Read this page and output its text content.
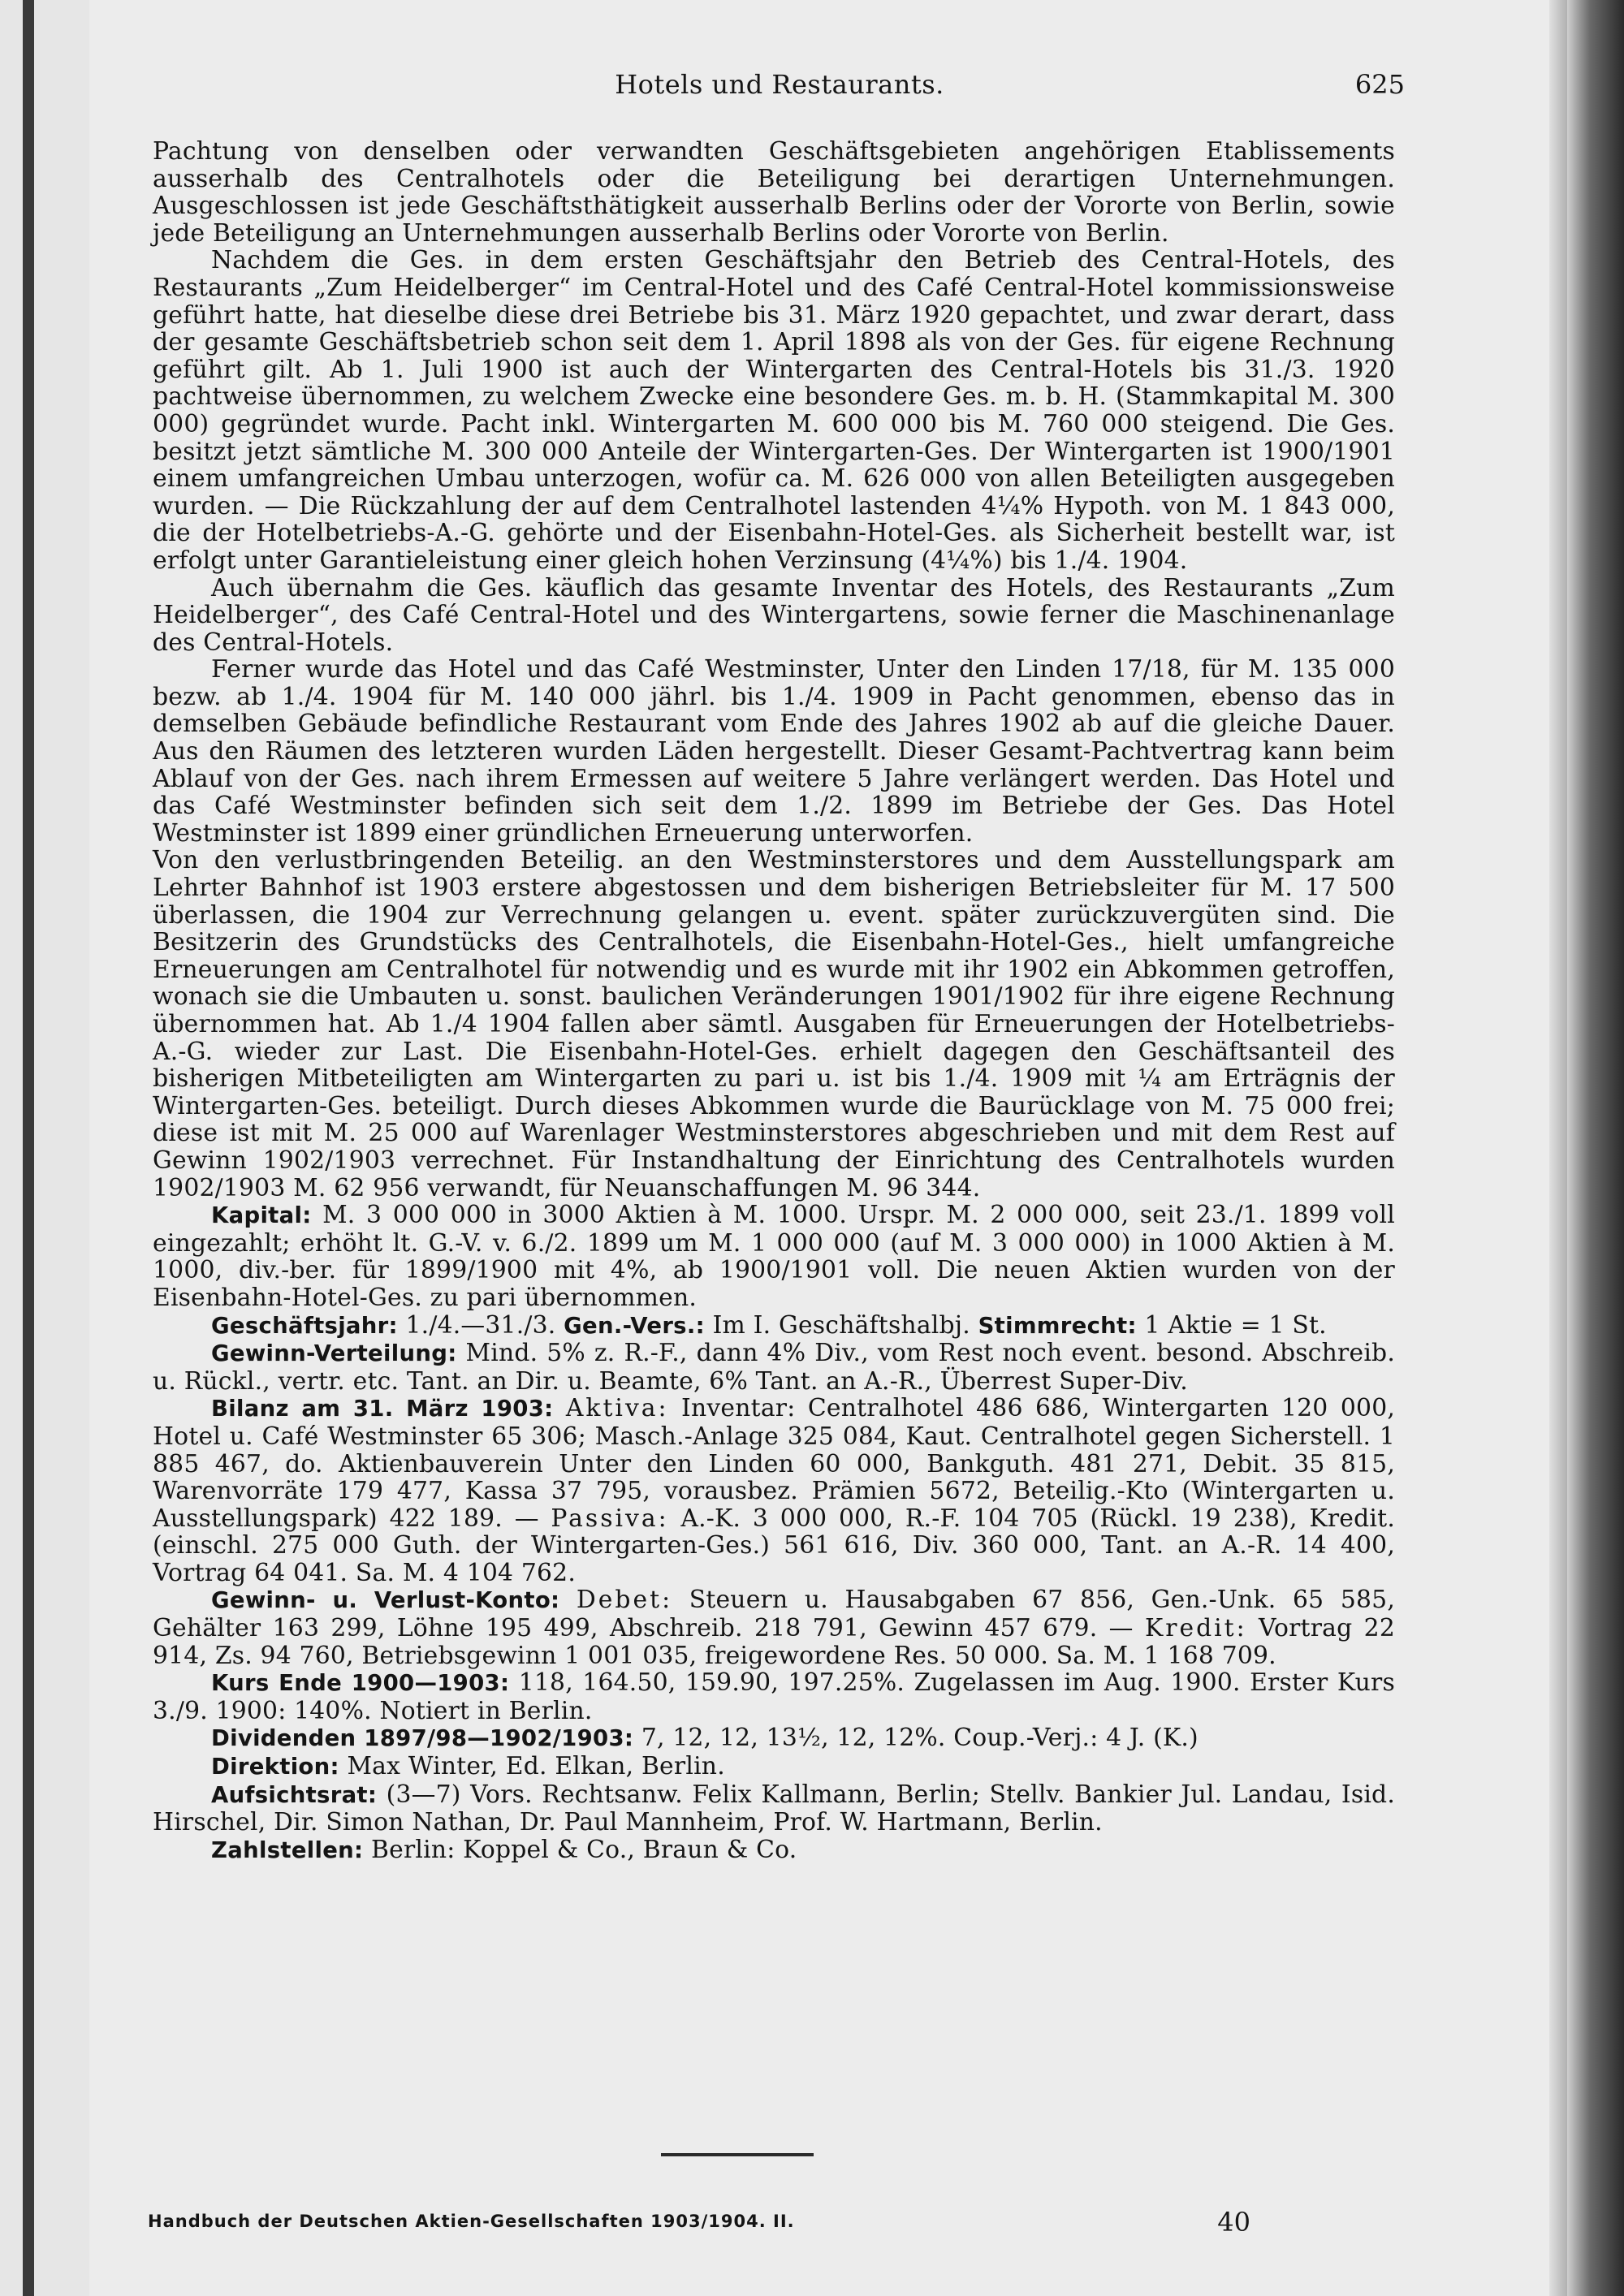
Hotels und Restaurants.	625

Pachtung von denselben oder verwandten Geschäftsgebieten angehörigen Etablissements ausserhalb des Centralhotels oder die Beteiligung bei derartigen Unternehmungen. Ausgeschlossen ist jede Geschäftsthätigkeit ausserhalb Berlins oder der Vororte von Berlin, sowie jede Beteiligung an Unternehmungen ausserhalb Berlins oder Vororte von Berlin.

Nachdem die Ges. in dem ersten Geschäftsjahr den Betrieb des Central-Hotels, des Restaurants „Zum Heidelberger“ im Central-Hotel und des Café Central-Hotel kommissionsweise geführt hatte, hat dieselbe diese drei Betriebe bis 31. März 1920 gepachtet, und zwar derart, dass der gesamte Geschäftsbetrieb schon seit dem 1. April 1898 als von der Ges. für eigene Rechnung geführt gilt. Ab 1. Juli 1900 ist auch der Wintergarten des Central-Hotels bis 31./3. 1920 pachtweise übernommen, zu welchem Zwecke eine besondere Ges. m. b. H. (Stammkapital M. 300 000) gegründet wurde. Pacht inkl. Wintergarten M. 600 000 bis M. 760 000 steigend. Die Ges. besitzt jetzt sämtliche M. 300 000 Anteile der Wintergarten-Ges. Der Wintergarten ist 1900/1901 einem umfangreichen Umbau unterzogen, wofür ca. M. 626 000 von allen Beteiligten ausgegeben wurden. — Die Rückzahlung der auf dem Centralhotel lastenden 4¼% Hypoth. von M. 1 843 000, die der Hotelbetriebs-A.-G. gehörte und der Eisenbahn-Hotel-Ges. als Sicherheit bestellt war, ist erfolgt unter Garantieleistung einer gleich hohen Verzinsung (4¼%) bis 1./4. 1904.

Auch übernahm die Ges. käuflich das gesamte Inventar des Hotels, des Restaurants „Zum Heidelberger“, des Café Central-Hotel und des Wintergartens, sowie ferner die Maschinenanlage des Central-Hotels.

Ferner wurde das Hotel und das Café Westminster, Unter den Linden 17/18, für M. 135 000 bezw. ab 1./4. 1904 für M. 140 000 jährl. bis 1./4. 1909 in Pacht genommen, ebenso das in demselben Gebäude befindliche Restaurant vom Ende des Jahres 1902 ab auf die gleiche Dauer. Aus den Räumen des letzteren wurden Läden hergestellt. Dieser Gesamt-Pachtvertrag kann beim Ablauf von der Ges. nach ihrem Ermessen auf weitere 5 Jahre verlängert werden. Das Hotel und das Café Westminster befinden sich seit dem 1./2. 1899 im Betriebe der Ges. Das Hotel Westminster ist 1899 einer gründlichen Erneuerung unterworfen.

Von den verlustbringenden Beteilig. an den Westminsterstores und dem Ausstellungspark am Lehrter Bahnhof ist 1903 erstere abgestossen und dem bisherigen Betriebsleiter für M. 17 500 überlassen, die 1904 zur Verrechnung gelangen u. event. später zurückzuvergüten sind. Die Besitzerin des Grundstücks des Centralhotels, die Eisenbahn-Hotel-Ges., hielt umfangreiche Erneuerungen am Centralhotel für notwendig und es wurde mit ihr 1902 ein Abkommen getroffen, wonach sie die Umbauten u. sonst. baulichen Veränderungen 1901/1902 für ihre eigene Rechnung übernommen hat. Ab 1./4 1904 fallen aber sämtl. Ausgaben für Erneuerungen der Hotelbetriebs-A.-G. wieder zur Last. Die Eisenbahn-Hotel-Ges. erhielt dagegen den Geschäftsanteil des bisherigen Mitbeteiligten am Wintergarten zu pari u. ist bis 1./4. 1909 mit ¼ am Erträgnis der Wintergarten-Ges. beteiligt. Durch dieses Abkommen wurde die Baurücklage von M. 75 000 frei; diese ist mit M. 25 000 auf Warenlager Westminsterstores abgeschrieben und mit dem Rest auf Gewinn 1902/1903 verrechnet. Für Instandhaltung der Einrichtung des Centralhotels wurden 1902/1903 M. 62 956 verwandt, für Neuanschaffungen M. 96 344.

Kapital: M. 3 000 000 in 3000 Aktien à M. 1000. Urspr. M. 2 000 000, seit 23./1. 1899 voll eingezahlt; erhöht lt. G.-V. v. 6./2. 1899 um M. 1 000 000 (auf M. 3 000 000) in 1000 Aktien à M. 1000, div.-ber. für 1899/1900 mit 4%, ab 1900/1901 voll. Die neuen Aktien wurden von der Eisenbahn-Hotel-Ges. zu pari übernommen.

Geschäftsjahr: 1./4.—31./3. Gen.-Vers.: Im I. Geschäftshalbj. Stimmrecht: 1 Aktie = 1 St.

Gewinn-Verteilung: Mind. 5% z. R.-F., dann 4% Div., vom Rest noch event. besond. Abschreib. u. Rückl., vertr. etc. Tant. an Dir. u. Beamte, 6% Tant. an A.-R., Überrest Super-Div.

Bilanz am 31. März 1903: Aktiva: Inventar: Centralhotel 486 686, Wintergarten 120 000, Hotel u. Café Westminster 65 306; Masch.-Anlage 325 084, Kaut. Centralhotel gegen Sicherstell. 1 885 467, do. Aktienbauverein Unter den Linden 60 000, Bankguth. 481 271, Debit. 35 815, Warenvorräte 179 477, Kassa 37 795, vorausbez. Prämien 5672, Beteilig.-Kto (Wintergarten u. Ausstellungspark) 422 189. — Passiva: A.-K. 3 000 000, R.-F. 104 705 (Rückl. 19 238), Kredit. (einschl. 275 000 Guth. der Wintergarten-Ges.) 561 616, Div. 360 000, Tant. an A.-R. 14 400, Vortrag 64 041. Sa. M. 4 104 762.

Gewinn- u. Verlust-Konto: Debet: Steuern u. Hausabgaben 67 856, Gen.-Unk. 65 585, Gehälter 163 299, Löhne 195 499, Abschreib. 218 791, Gewinn 457 679. — Kredit: Vortrag 22 914, Zs. 94 760, Betriebsgewinn 1 001 035, freigewordene Res. 50 000. Sa. M. 1 168 709.

Kurs Ende 1900—1903: 118, 164.50, 159.90, 197.25%. Zugelassen im Aug. 1900. Erster Kurs 3./9. 1900: 140%. Notiert in Berlin.

Dividenden 1897/98—1902/1903: 7, 12, 12, 13½, 12, 12%. Coup.-Verj.: 4 J. (K.)

Direktion: Max Winter, Ed. Elkan, Berlin.

Aufsichtsrat: (3—7) Vors. Rechtsanw. Felix Kallmann, Berlin; Stellv. Bankier Jul. Landau, Isid. Hirschel, Dir. Simon Nathan, Dr. Paul Mannheim, Prof. W. Hartmann, Berlin.

Zahlstellen: Berlin: Koppel & Co., Braun & Co.

Handbuch der Deutschen Aktien-Gesellschaften 1903/1904. II.	40
